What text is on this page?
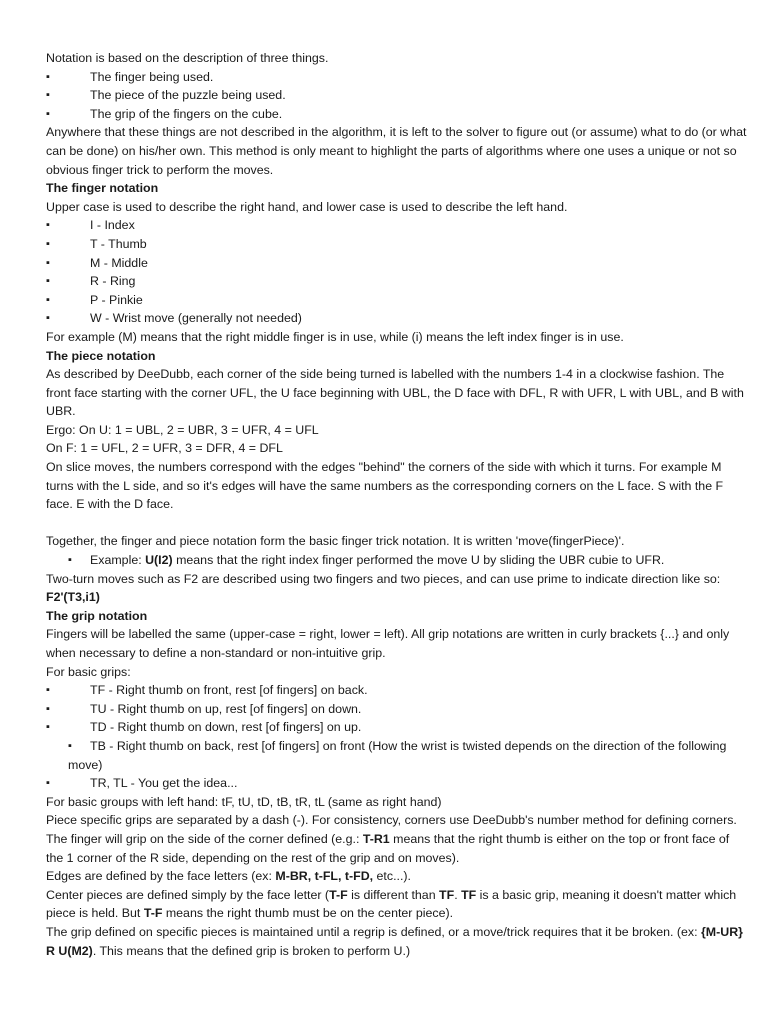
Notation is based on the description of three things.

▪ The finger being used.

▪ The piece of the puzzle being used.

▪ The grip of the fingers on the cube.

Anywhere that these things are not described in the algorithm, it is left to the solver to figure out (or assume) what to do (or what can be done) on his/her own. This method is only meant to highlight the parts of algorithms where one uses a unique or not so obvious finger trick to perform the moves.

The finger notation

Upper case is used to describe the right hand, and lower case is used to describe the left hand.

▪ I - Index

▪ T - Thumb

▪ M - Middle

▪ R - Ring

▪ P - Pinkie

▪ W - Wrist move (generally not needed)

For example (M) means that the right middle finger is in use, while (i) means the left index finger is in use.

The piece notation

As described by DeeDubb, each corner of the side being turned is labelled with the numbers 1-4 in a clockwise fashion. The front face starting with the corner UFL, the U face beginning with UBL, the D face with DFL, R with UFR, L with UBL, and B with UBR.

Ergo: On U: 1 = UBL, 2 = UBR, 3 = UFR, 4 = UFL

On F: 1 = UFL, 2 = UFR, 3 = DFR, 4 = DFL

On slice moves, the numbers correspond with the edges "behind" the corners of the side with which it turns. For example M turns with the L side, and so it's edges will have the same numbers as the corresponding corners on the L face. S with the F face. E with the D face.

Together, the finger and piece notation form the basic finger trick notation. It is written 'move(fingerPiece)'.

▪ Example: U(I2) means that the right index finger performed the move U by sliding the UBR cubie to UFR.

Two-turn moves such as F2 are described using two fingers and two pieces, and can use prime to indicate direction like so: F2'(T3,i1)

The grip notation

Fingers will be labelled the same (upper-case = right, lower = left). All grip notations are written in curly brackets {...} and only when necessary to define a non-standard or non-intuitive grip.

For basic grips:

▪ TF - Right thumb on front, rest [of fingers] on back.

▪ TU - Right thumb on up, rest [of fingers] on down.

▪ TD - Right thumb on down, rest [of fingers] on up.

▪ TB - Right thumb on back, rest [of fingers] on front (How the wrist is twisted depends on the direction of the following move)

▪ TR, TL - You get the idea...

For basic groups with left hand: tF, tU, tD, tB, tR, tL (same as right hand)

Piece specific grips are separated by a dash (-). For consistency, corners use DeeDubb's number method for defining corners. The finger will grip on the side of the corner defined (e.g.: T-R1 means that the right thumb is either on the top or front face of the 1 corner of the R side, depending on the rest of the grip and on moves).

Edges are defined by the face letters (ex: M-BR, t-FL, t-FD, etc...).

Center pieces are defined simply by the face letter (T-F is different than TF. TF is a basic grip, meaning it doesn't matter which piece is held. But T-F means the right thumb must be on the center piece).

The grip defined on specific pieces is maintained until a regrip is defined, or a move/trick requires that it be broken. (ex: {M-UR} R U(M2). This means that the defined grip is broken to perform U.)
